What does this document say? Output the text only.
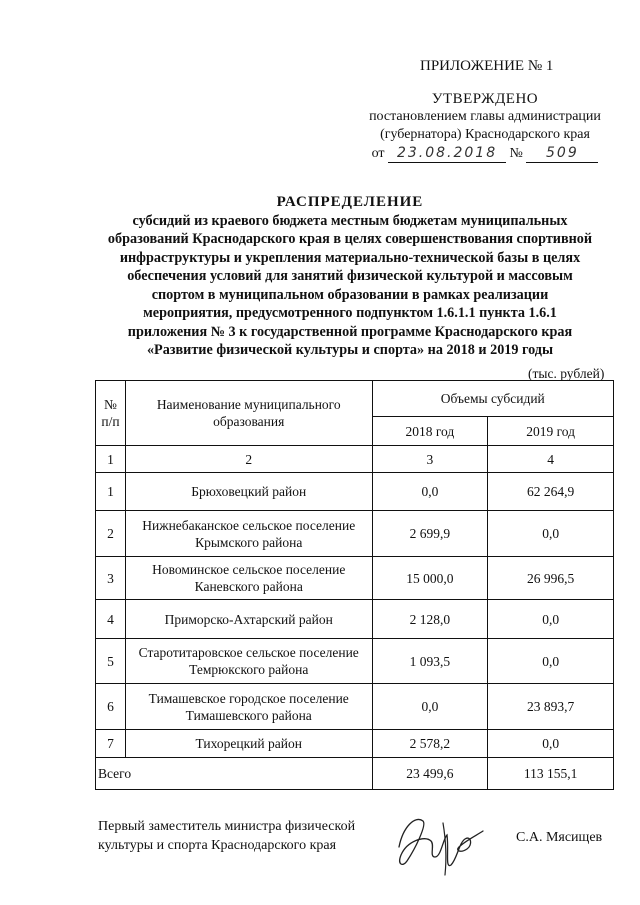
ПРИЛОЖЕНИЕ № 1
УТВЕРЖДЕНО
постановлением главы администрации
(губернатора) Краснодарского края
от 23.08.2018 № 509
РАСПРЕДЕЛЕНИЕ
субсидий из краевого бюджета местным бюджетам муниципальных
образований Краснодарского края в целях совершенствования спортивной
инфраструктуры и укрепления материально-технической базы в целях
обеспечения условий для занятий физической культурой и массовым
спортом в муниципальном образовании в рамках реализации
мероприятия, предусмотренного подпунктом 1.6.1.1 пункта 1.6.1
приложения № 3 к государственной программе Краснодарского края
«Развитие физической культуры и спорта» на 2018 и 2019 годы
(тыс. рублей)
№ п/п	Наименование муниципального образования	Объемы субсидий	
		2018 год	2019 год
1	2	3	4
1	Брюховецкий район	0,0	62 264,9
2	Нижнебаканское сельское поселение Крымского района	2 699,9	0,0
3	Новоминское сельское поселение Каневского района	15 000,0	26 996,5
4	Приморско-Ахтарский район	2 128,0	0,0
5	Старотитаровское сельское поселение Темрюкского района	1 093,5	0,0
6	Тимашевское городское поселение Тимашевского района	0,0	23 893,7
7	Тихорецкий район	2 578,2	0,0
Всего		23 499,6	113 155,1
Первый заместитель министра физической
культуры и спорта Краснодарского края
С.А. Мясищев
